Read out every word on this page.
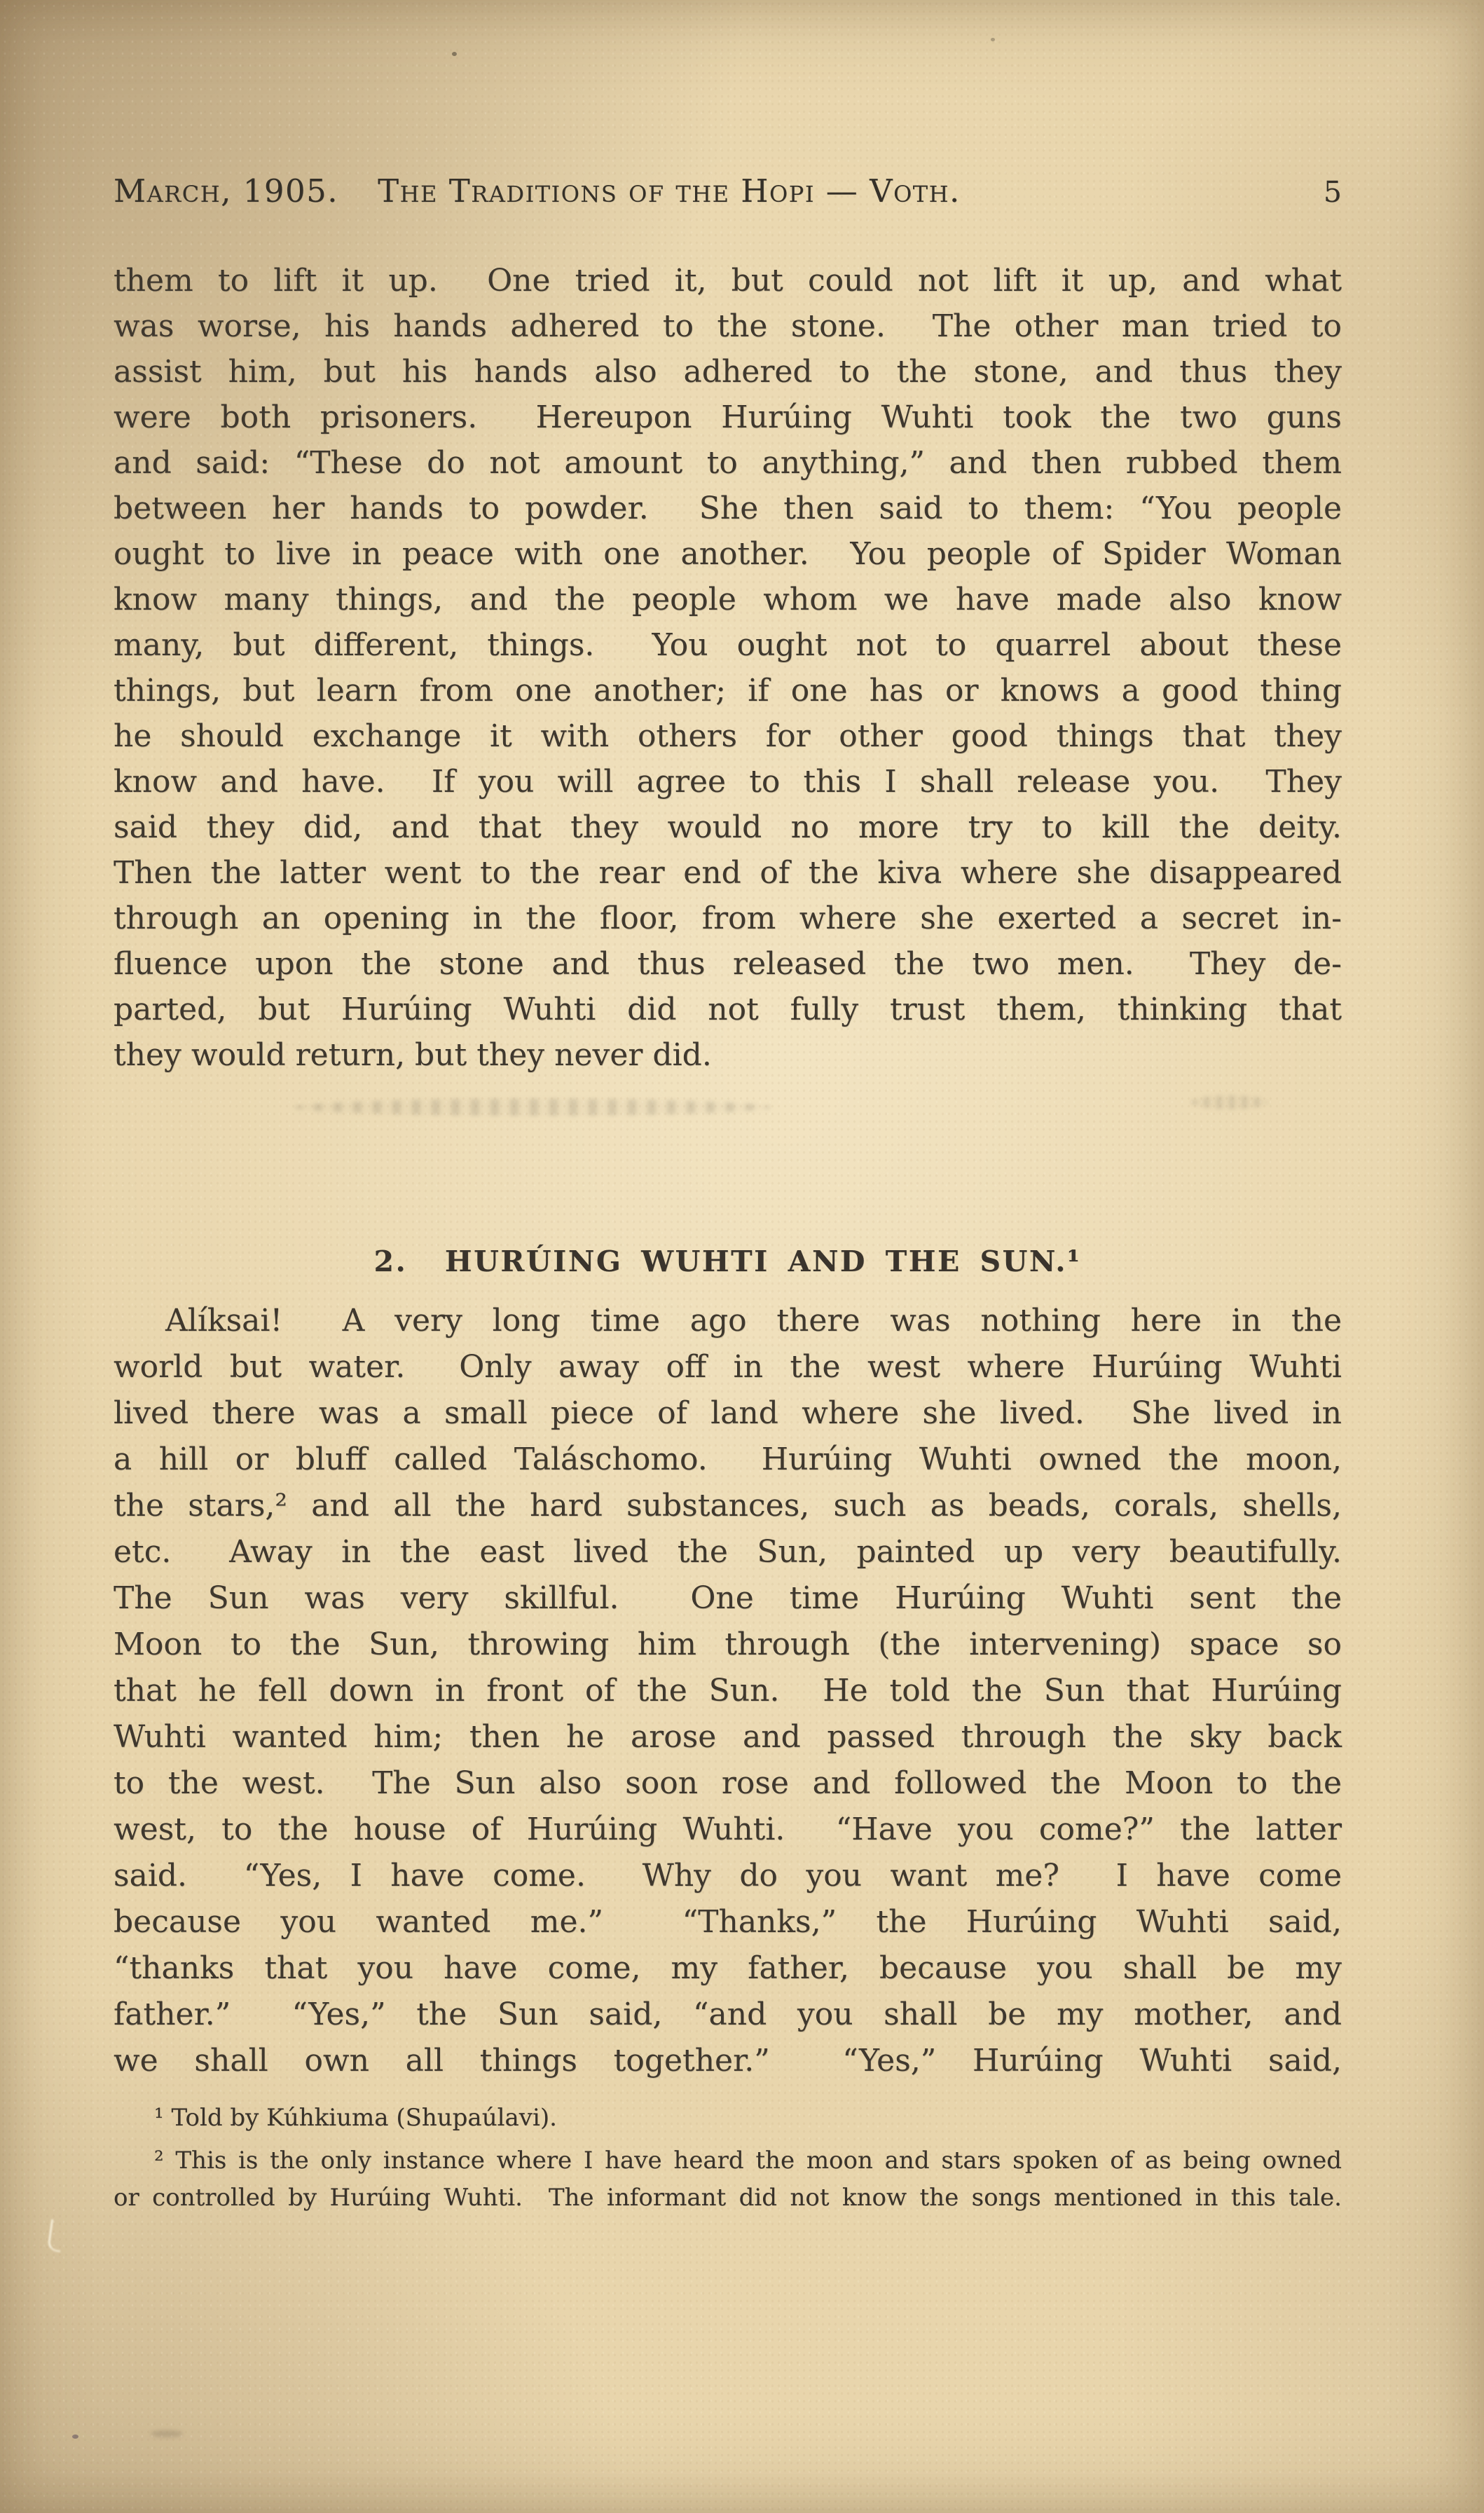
March, 1905. The Traditions of the Hopi — Voth.	5
them to lift it up.  One tried it, but could not lift it up, and what
was worse, his hands adhered to the stone.  The other man tried to
assist him, but his hands also adhered to the stone, and thus they
were both prisoners.  Hereupon Hurúing Wuhti took the two guns
and said: “These do not amount to anything,” and then rubbed them
between her hands to powder.  She then said to them: “You people
ought to live in peace with one another.  You people of Spider Woman
know many things, and the people whom we have made also know
many, but different, things.  You ought not to quarrel about these
things, but learn from one another; if one has or knows a good thing
he should exchange it with others for other good things that they
know and have.  If you will agree to this I shall release you.  They
said they did, and that they would no more try to kill the deity.
Then the latter went to the rear end of the kiva where she disappeared
through an opening in the floor, from where she exerted a secret in-
fluence upon the stone and thus released the two men.  They de-
parted, but Hurúing Wuhti did not fully trust them, thinking that
they would return, but they never did.
2.  HURÚING WUHTI AND THE SUN.¹
Alíksai!  A very long time ago there was nothing here in the
world but water.  Only away off in the west where Hurúing Wuhti
lived there was a small piece of land where she lived.  She lived in
a hill or bluff called Taláschomo.  Hurúing Wuhti owned the moon,
the stars,² and all the hard substances, such as beads, corals, shells,
etc.  Away in the east lived the Sun, painted up very beautifully.
The Sun was very skillful.  One time Hurúing Wuhti sent the
Moon to the Sun, throwing him through (the intervening) space so
that he fell down in front of the Sun.  He told the Sun that Hurúing
Wuhti wanted him; then he arose and passed through the sky back
to the west.  The Sun also soon rose and followed the Moon to the
west, to the house of Hurúing Wuhti.  “Have you come?” the latter
said.  “Yes, I have come.  Why do you want me?  I have come
because you wanted me.”  “Thanks,” the Hurúing Wuhti said,
“thanks that you have come, my father, because you shall be my
father.”  “Yes,” the Sun said, “and you shall be my mother, and
we shall own all things together.”  “Yes,” Hurúing Wuhti said,
¹ Told by Kúhkiuma (Shupaúlavi).
² This is the only instance where I have heard the moon and stars spoken of as being owned
or controlled by Hurúing Wuhti.  The informant did not know the songs mentioned in this tale.
